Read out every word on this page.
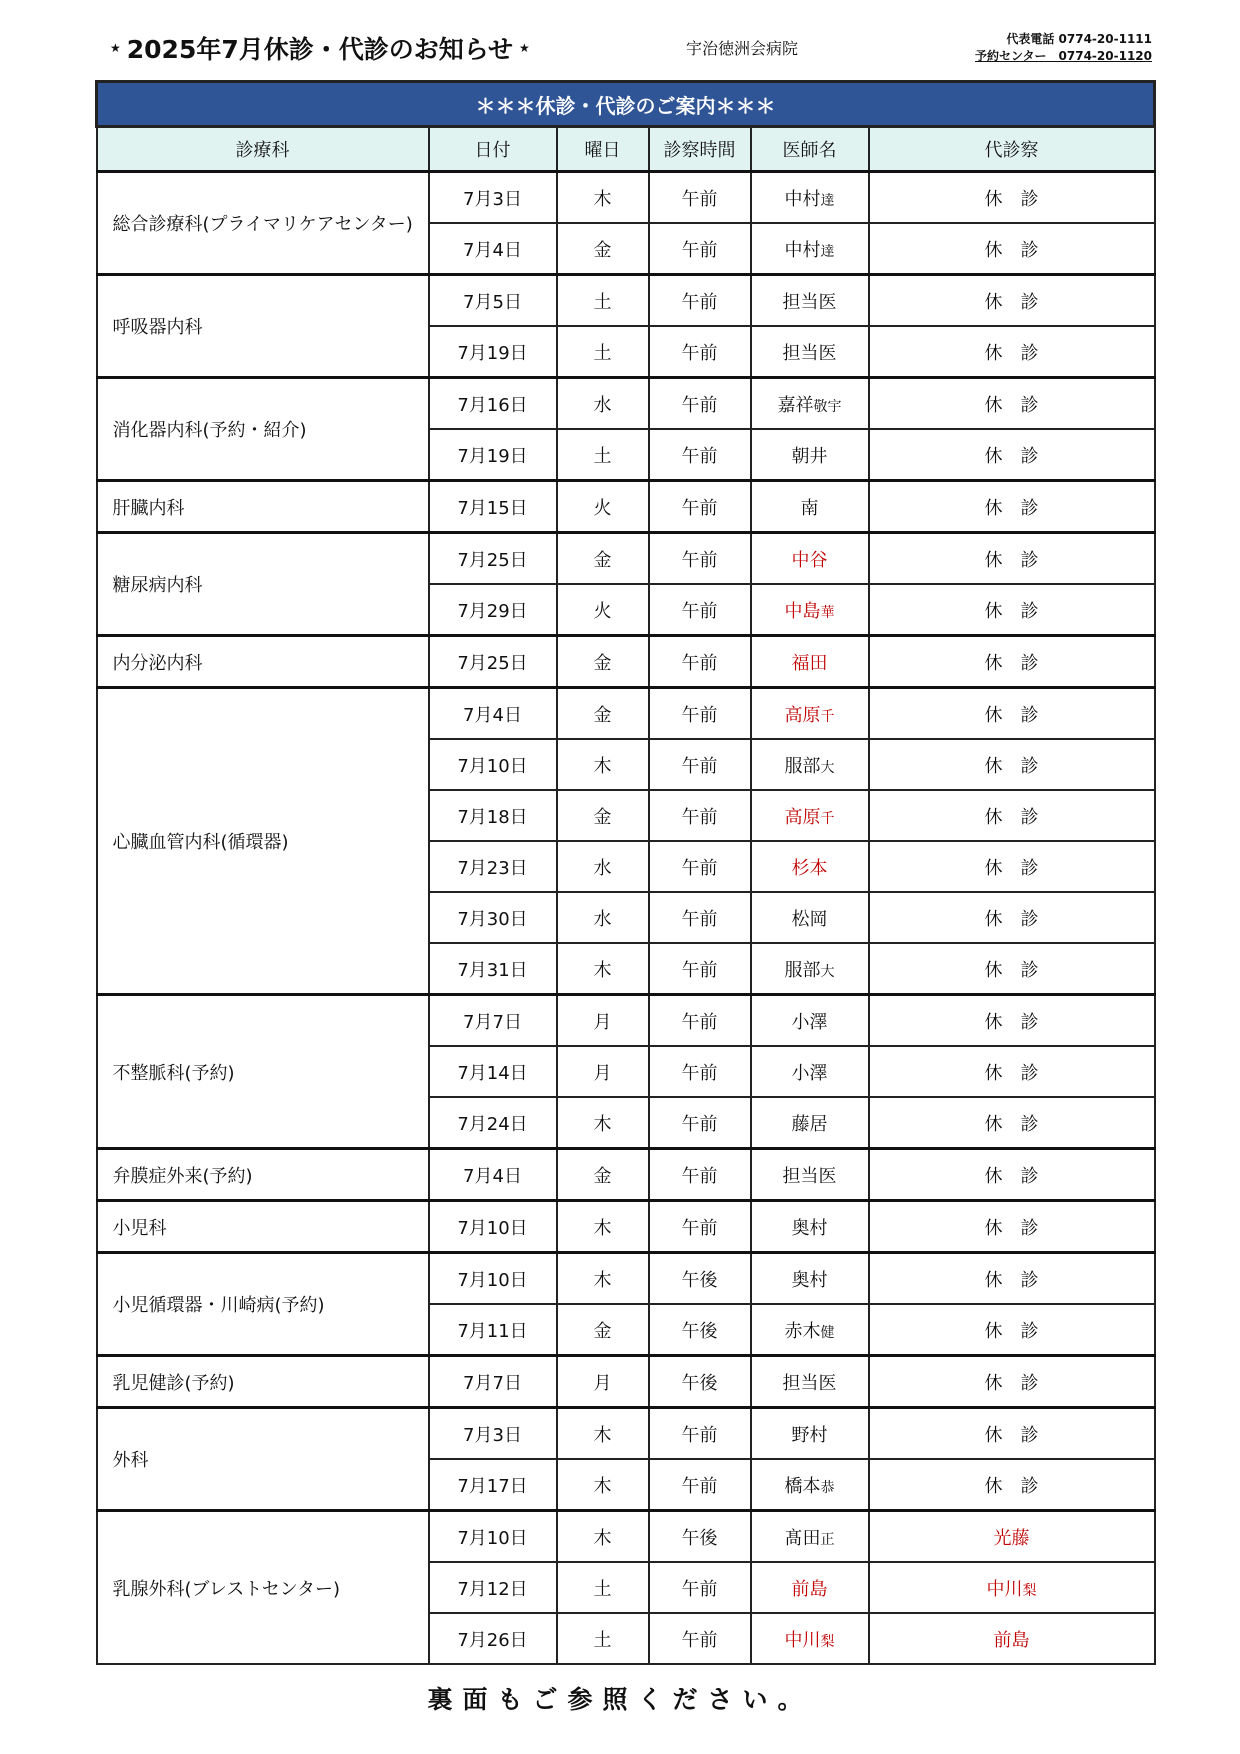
★ 2025年7月休診・代診のお知らせ ★	宇治徳洲会病院	代表電話 0774-20-1111
予約センター　0774-20-1120
＊＊＊休診・代診のご案内＊＊＊					
診療科	日付	曜日	診察時間	医師名	代診察
総合診療科(プライマリケアセンター)	7月3日	木	午前	中村達	休　診
	7月4日	金	午前	中村達	休　診
呼吸器内科	7月5日	土	午前	担当医	休　診
	7月19日	土	午前	担当医	休　診
消化器内科(予約・紹介)	7月16日	水	午前	嘉祥敬宇	休　診
	7月19日	土	午前	朝井	休　診
肝臓内科	7月15日	火	午前	南	休　診
糖尿病内科	7月25日	金	午前	中谷	休　診
	7月29日	火	午前	中島華	休　診
内分泌内科	7月25日	金	午前	福田	休　診
心臓血管内科(循環器)	7月4日	金	午前	高原千	休　診
	7月10日	木	午前	服部大	休　診
	7月18日	金	午前	高原千	休　診
	7月23日	水	午前	杉本	休　診
	7月30日	水	午前	松岡	休　診
	7月31日	木	午前	服部大	休　診
不整脈科(予約)	7月7日	月	午前	小澤	休　診
	7月14日	月	午前	小澤	休　診
	7月24日	木	午前	藤居	休　診
弁膜症外来(予約)	7月4日	金	午前	担当医	休　診
小児科	7月10日	木	午前	奥村	休　診
小児循環器・川崎病(予約)	7月10日	木	午後	奥村	休　診
	7月11日	金	午後	赤木健	休　診
乳児健診(予約)	7月7日	月	午後	担当医	休　診
外科	7月3日	木	午前	野村	休　診
	7月17日	木	午前	橋本恭	休　診
乳腺外科(ブレストセンター)	7月10日	木	午後	髙田正	光藤
	7月12日	土	午前	前島	中川梨
	7月26日	土	午前	中川梨	前島
裏面もご参照ください。
